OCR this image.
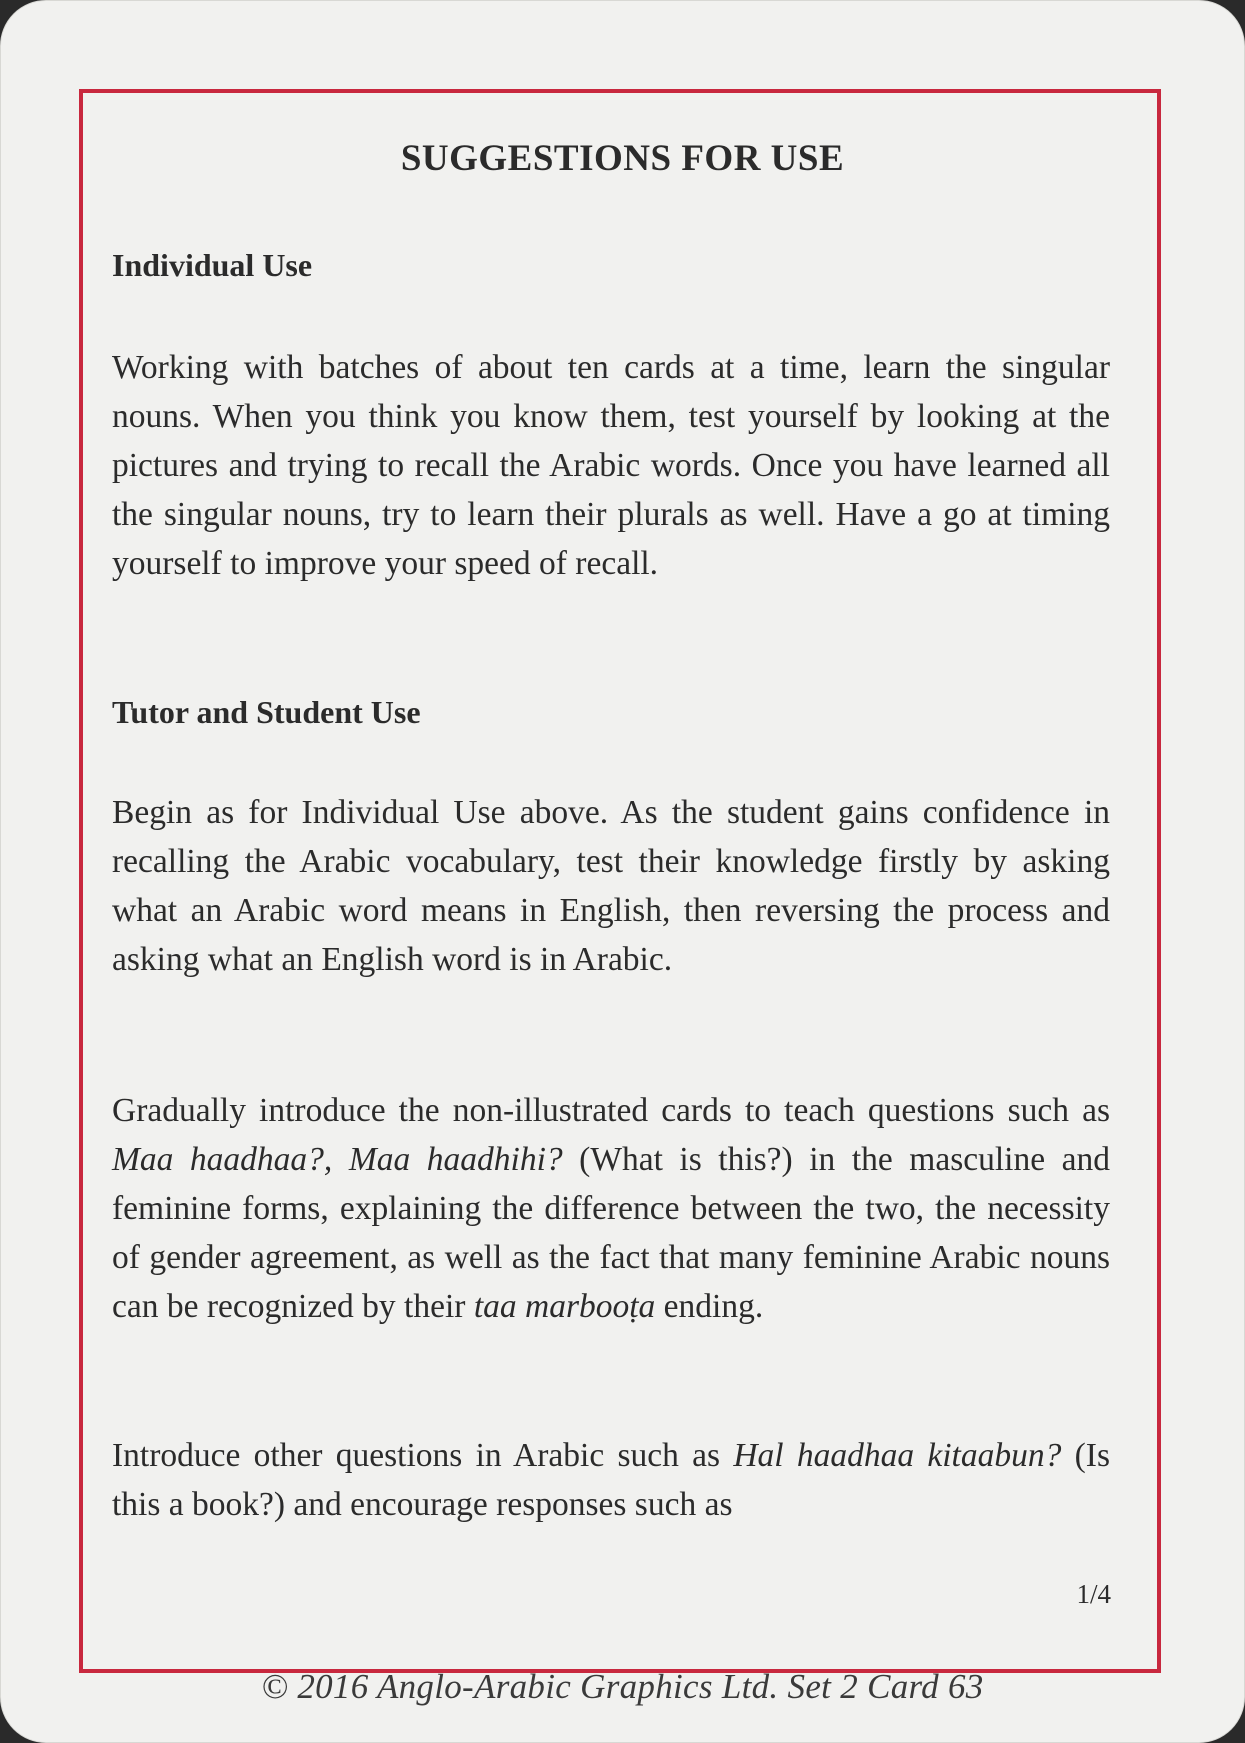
SUGGESTIONS FOR USE
Individual Use

Working with batches of about ten cards at a time, learn the singular nouns. When you think you know them, test yourself by looking at the pictures and trying to recall the Arabic words. Once you have learned all the singular nouns, try to learn their plurals as well. Have a go at timing yourself to improve your speed of recall.

Tutor and Student Use

Begin as for Individual Use above. As the student gains confidence in recalling the Arabic vocabulary, test their knowledge firstly by asking what an Arabic word means in English, then reversing the process and asking what an English word is in Arabic.

Gradually introduce the non-illustrated cards to teach questions such as Maa haadhaa?, Maa haadhihi? (What is this?) in the masculine and feminine forms, explaining the difference between the two, the necessity of gender agreement, as well as the fact that many feminine Arabic nouns can be recognized by their taa marbooṭa ending.

Introduce other questions in Arabic such as Hal haadhaa kitaabun? (Is this a book?) and encourage responses such as

1/4
© 2016 Anglo-Arabic Graphics Ltd. Set 2 Card 63
